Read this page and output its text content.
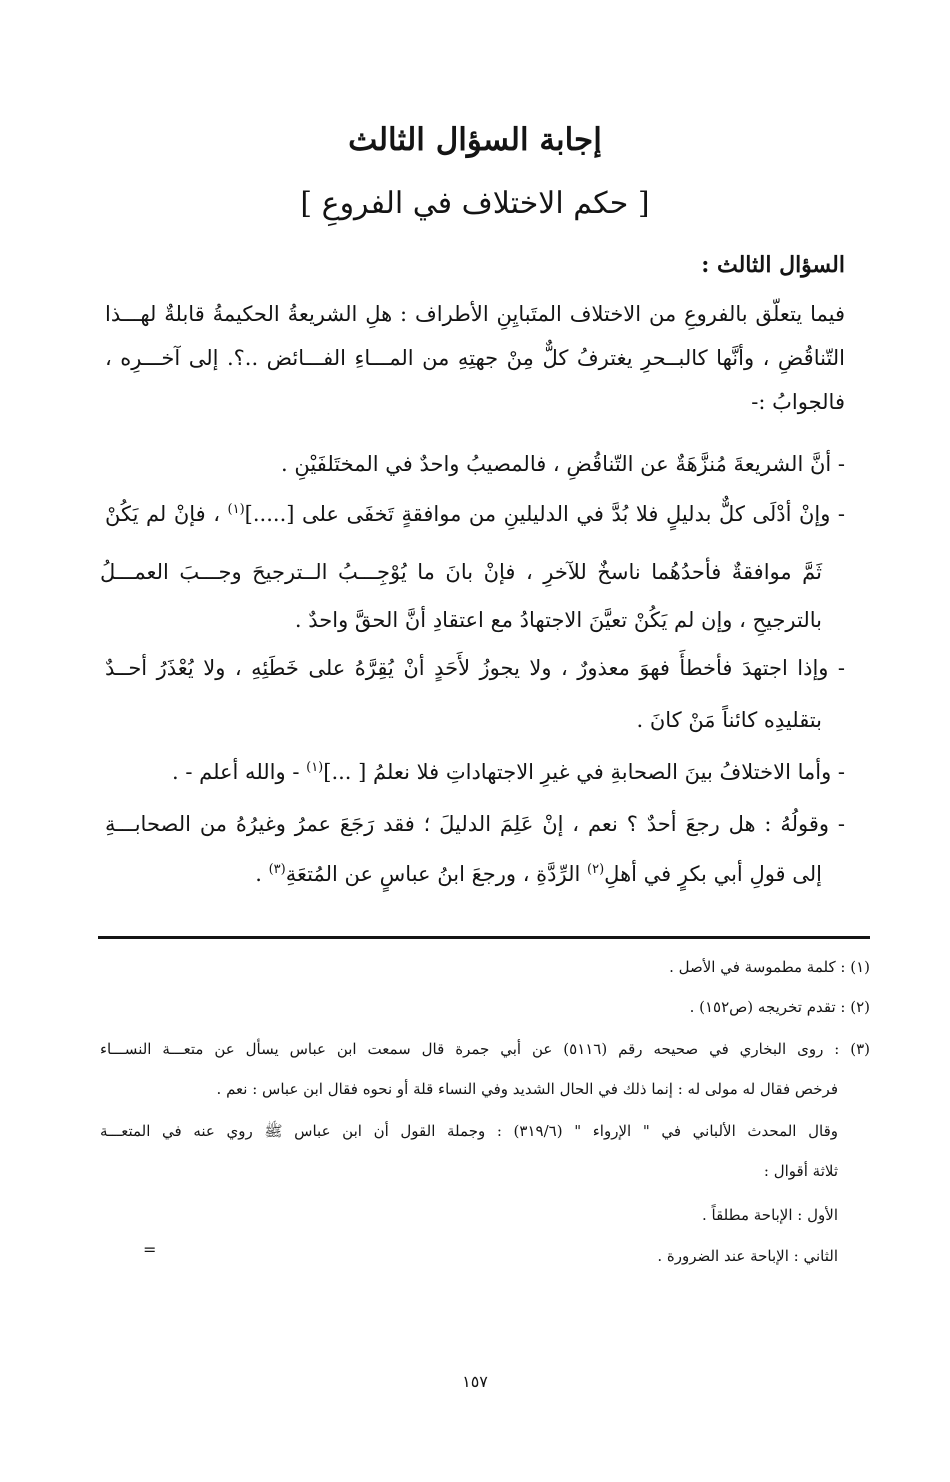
إجابة السؤال الثالث
[ حكم الاختلاف في الفروعِ ]
السؤال الثالث :
فيما يتعلّق بالفروعِ من الاختلاف المتَبايِنِ الأطراف : هلِ الشريعةُ الحكيمةُ قابلةٌ لهـــذا
التّناقُضِ ، وأنَّها كالبــحرِ يغترفُ كلٌّ مِنْ جهتِهِ من المـــاءِ الفـــائض ..؟. إلى آخـــرِه ،
فالجوابُ :-
- أنَّ الشريعةَ مُنزَّهَةٌ عن التّناقُضِ ، فالمصيبُ واحدٌ في المختَلفَيْنِ .
- وإنْ أدْلَى كلٌّ بدليلٍ فلا بُدَّ في الدليلينِ من موافقةٍ تَخفَى على [.....]$^{(١)}$ ، فإنْ لم يَكُنْ
ثَمَّ موافقةٌ فأحدُهُما ناسخٌ للآخرِ ، فإنْ بانَ ما يُوْجِـــبُ الــترجيحَ وجـــبَ العمـــلُ
بالترجيحِ ، وإن لم يَكُنْ تعيَّنَ الاجتهادُ مع اعتقادِ أنَّ الحقَّ واحدٌ .
- وإذا اجتهدَ فأخطأَ فهوَ معذورٌ ، ولا يجوزُ لأَحَدٍ أنْ يُقِرَّهُ على خَطَئِهِ ، ولا يُعْذَرُ أحــدٌ
بتقليدِه كائناً مَنْ كانَ .
- وأما الاختلافُ بينَ الصحابةِ في غيرِ الاجتهاداتِ فلا نعلمُ [ ...]$^{(١)}$ - والله أعلم - .
- وقولُهُ : هل رجعَ أحدٌ ؟ نعم ، إنْ عَلِمَ الدليلَ ؛ فقد رَجَعَ عمرُ وغيرُهُ من الصحابـــةِ
إلى قولِ أبي بكرٍ في أهلِ$^{(٢)}$ الرِّدَّةِ ، ورجعَ ابنُ عباسٍ عن المُتعَةِ$^{(٣)}$ .
(١) : كلمة مطموسة في الأصل .
(٢) : تقدم تخريجه (ص١٥٢) .
(٣) : روى البخاري في صحيحه رقم (٥١١٦) عن أبي جمرة قال سمعت ابن عباس يسأل عن متعـــة النســـاء
فرخص فقال له مولى له : إنما ذلك في الحال الشديد وفي النساء قلة أو نحوه فقال ابن عباس : نعم .
وقال المحدث الألباني في " الإرواء " (٣١٩/٦) : وجملة القول أن ابن عباس ﷺ روي عنه في المتعـــة
ثلاثة أقوال :
الأول : الإباحة مطلقاً .
الثاني : الإباحة عند الضرورة .
=
١٥٧
